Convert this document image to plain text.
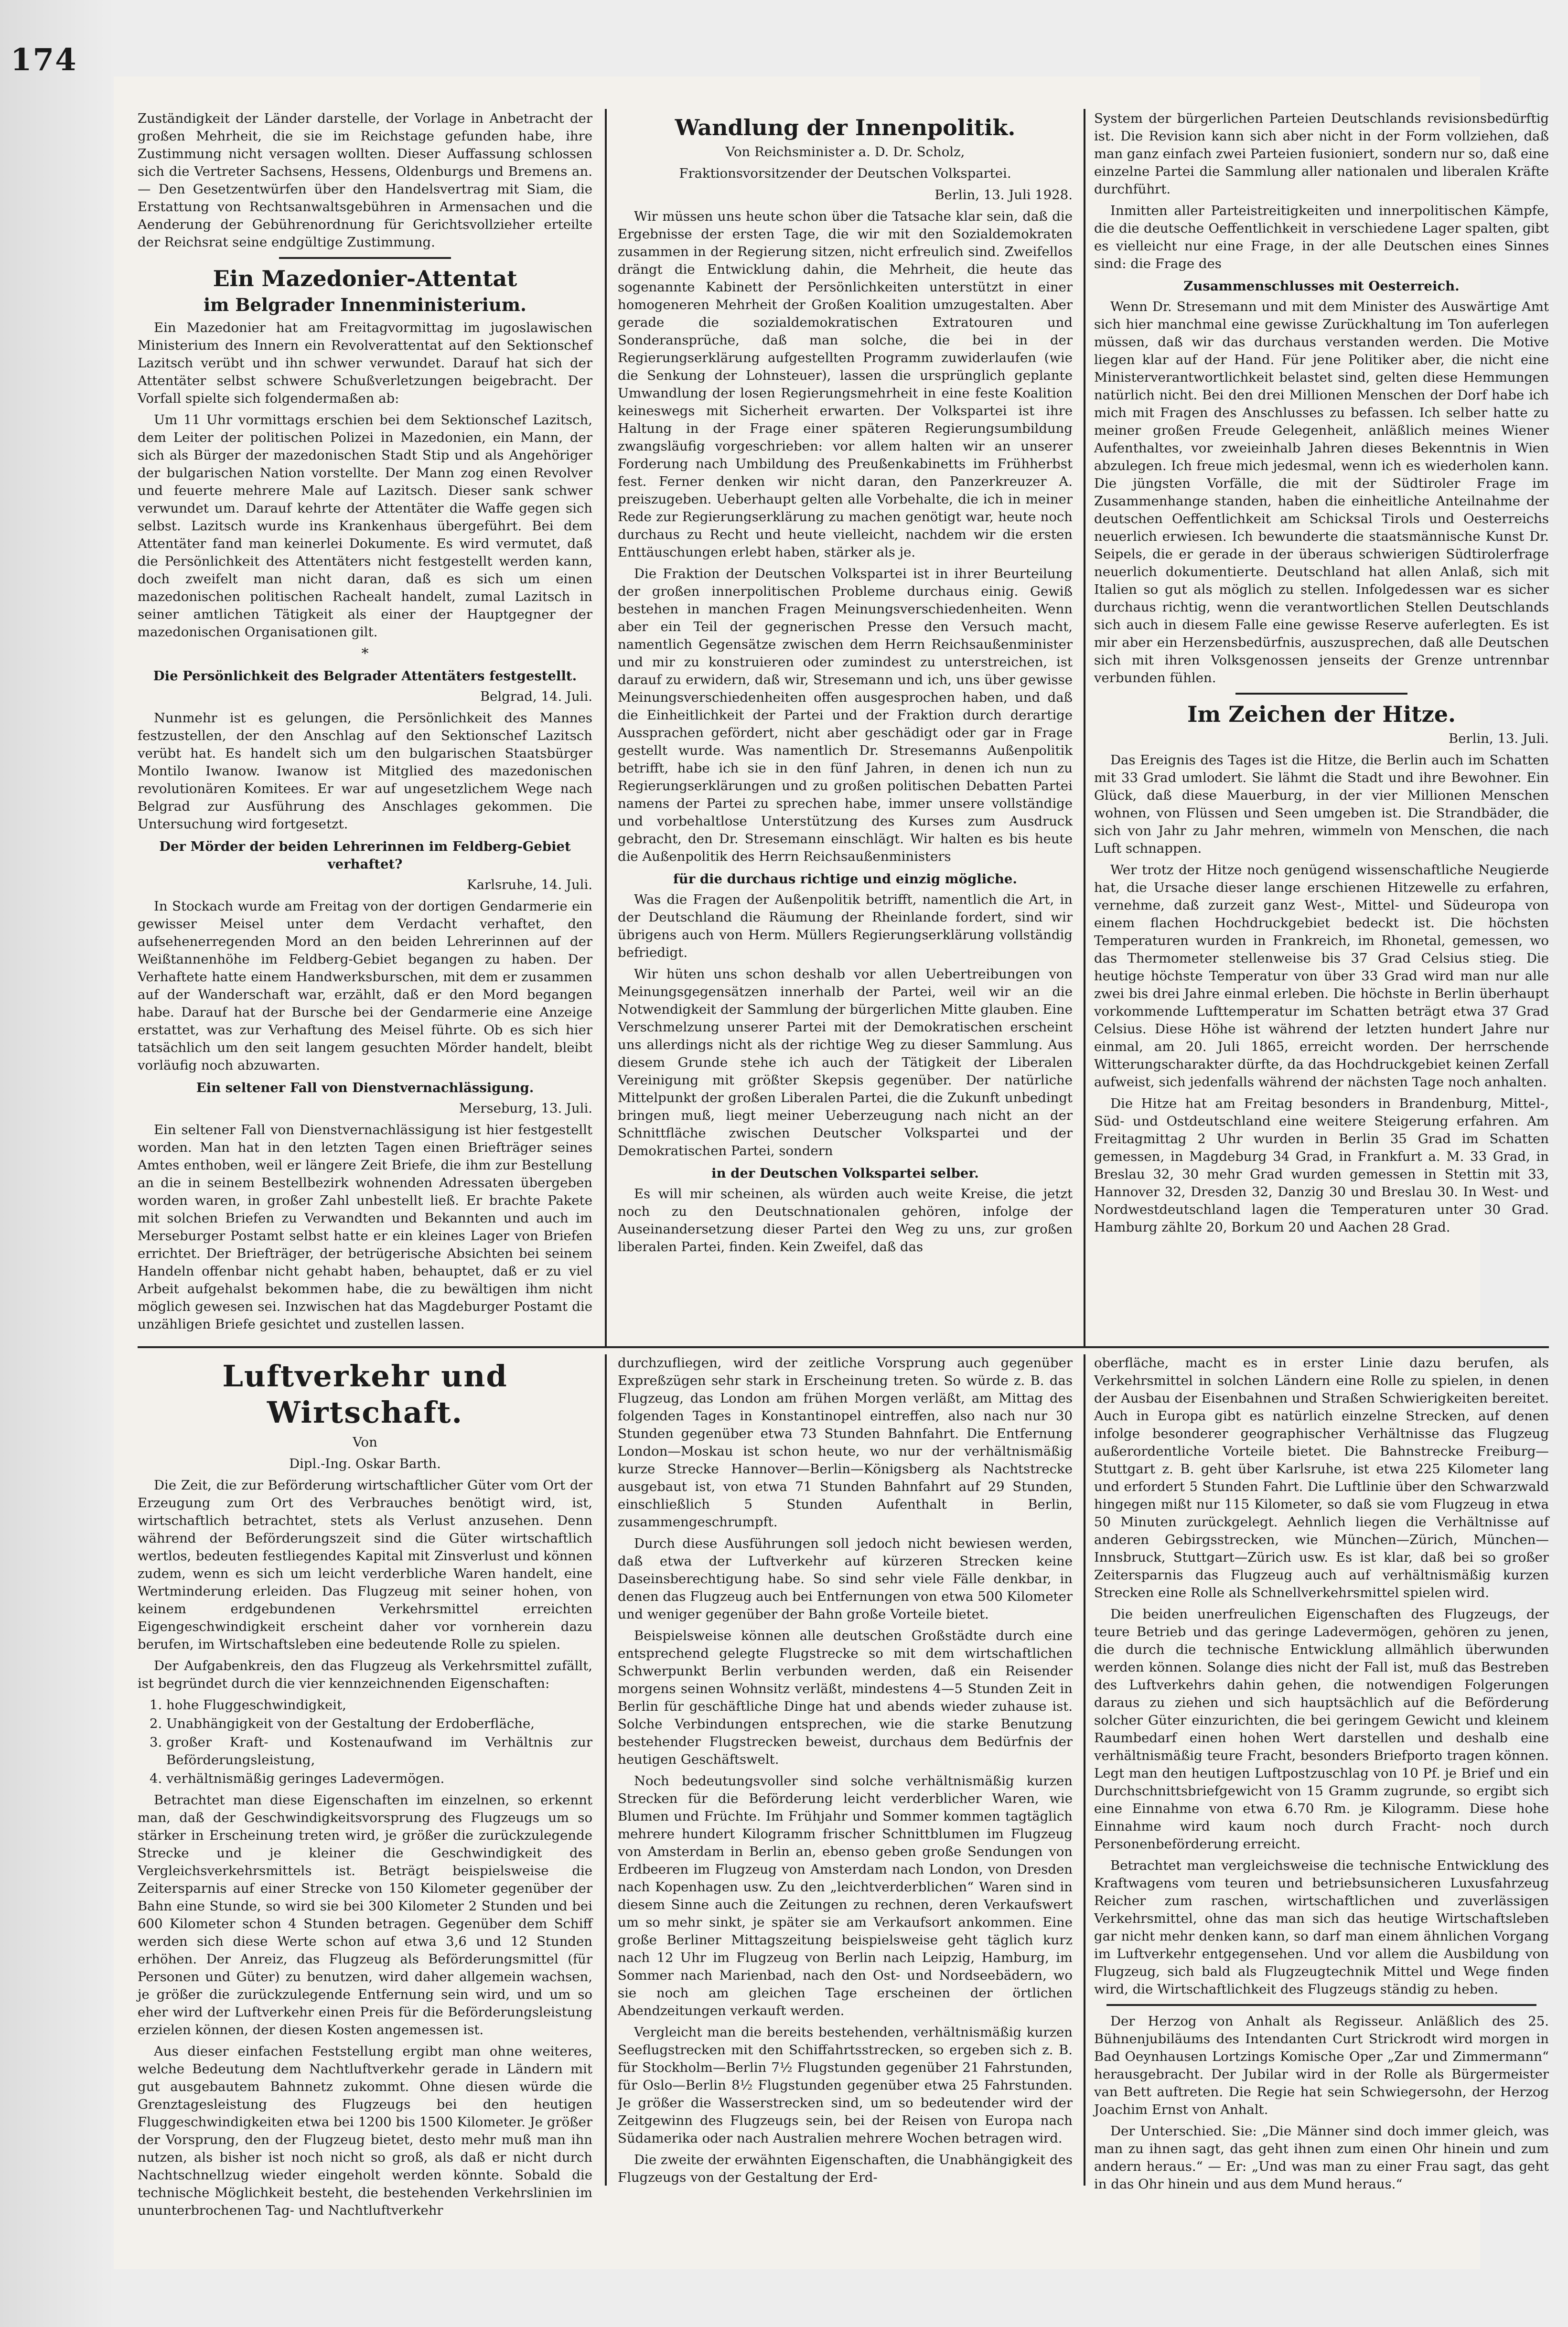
174

Zuständigkeit der Länder darstelle, der Vorlage in Anbetracht der großen Mehrheit, die sie im Reichstage gefunden habe, ihre Zustimmung nicht versagen wollten. Dieser Auffassung schlossen sich die Vertreter Sachsens, Hessens, Oldenburgs und Bremens an. — Den Gesetzentwürfen über den Handelsvertrag mit Siam, die Erstattung von Rechtsanwaltsgebühren in Armensachen und die Aenderung der Gebührenordnung für Gerichtsvollzieher erteilte der Reichsrat seine endgültige Zustimmung.

Ein Mazedonier-Attentat
im Belgrader Innenministerium.

Ein Mazedonier hat am Freitagvormittag im jugoslawischen Ministerium des Innern ein Revolverattentat auf den Sektionschef Lazitsch verübt und ihn schwer verwundet. Darauf hat sich der Attentäter selbst schwere Schußverletzungen beigebracht. Der Vorfall spielte sich folgendermaßen ab:

Um 11 Uhr vormittags erschien bei dem Sektionschef Lazitsch, dem Leiter der politischen Polizei in Mazedonien, ein Mann, der sich als Bürger der mazedonischen Stadt Stip und als Angehöriger der bulgarischen Nation vorstellte. Der Mann zog einen Revolver und feuerte mehrere Male auf Lazitsch. Dieser sank schwer verwundet um. Darauf kehrte der Attentäter die Waffe gegen sich selbst. Lazitsch wurde ins Krankenhaus übergeführt. Bei dem Attentäter fand man keinerlei Dokumente. Es wird vermutet, daß die Persönlichkeit des Attentäters nicht festgestellt werden kann, doch zweifelt man nicht daran, daß es sich um einen mazedonischen politischen Rachealt handelt, zumal Lazitsch in seiner amtlichen Tätigkeit als einer der Hauptgegner der mazedonischen Organisationen gilt.

*

Die Persönlichkeit des Belgrader Attentäters festgestellt.

Belgrad, 14. Juli.

Nunmehr ist es gelungen, die Persönlichkeit des Mannes festzustellen, der den Anschlag auf den Sektionschef Lazitsch verübt hat. Es handelt sich um den bulgarischen Staatsbürger Montilo Iwanow. Iwanow ist Mitglied des mazedonischen revolutionären Komitees. Er war auf ungesetzlichem Wege nach Belgrad zur Ausführung des Anschlages gekommen. Die Untersuchung wird fortgesetzt.

Der Mörder der beiden Lehrerinnen im Feldberg-Gebiet verhaftet?

Karlsruhe, 14. Juli.

In Stockach wurde am Freitag von der dortigen Gendarmerie ein gewisser Meisel unter dem Verdacht verhaftet, den aufsehenerregenden Mord an den beiden Lehrerinnen auf der Weißtannenhöhe im Feldberg-Gebiet begangen zu haben. Der Verhaftete hatte einem Handwerksburschen, mit dem er zusammen auf der Wanderschaft war, erzählt, daß er den Mord begangen habe. Darauf hat der Bursche bei der Gendarmerie eine Anzeige erstattet, was zur Verhaftung des Meisel führte. Ob es sich hier tatsächlich um den seit langem gesuchten Mörder handelt, bleibt vorläufig noch abzuwarten.

Ein seltener Fall von Dienstvernachlässigung.

Merseburg, 13. Juli.

Ein seltener Fall von Dienstvernachlässigung ist hier festgestellt worden. Man hat in den letzten Tagen einen Briefträger seines Amtes enthoben, weil er längere Zeit Briefe, die ihm zur Bestellung an die in seinem Bestellbezirk wohnenden Adressaten übergeben worden waren, in großer Zahl unbestellt ließ. Er brachte Pakete mit solchen Briefen zu Verwandten und Bekannten und auch im Merseburger Postamt selbst hatte er ein kleines Lager von Briefen errichtet. Der Briefträger, der betrügerische Absichten bei seinem Handeln offenbar nicht gehabt haben, behauptet, daß er zu viel Arbeit aufgehalst bekommen habe, die zu bewältigen ihm nicht möglich gewesen sei. Inzwischen hat das Magdeburger Postamt die unzähligen Briefe gesichtet und zustellen lassen.

Wandlung der Innenpolitik.

Von Reichsminister a. D. Dr. Scholz,

Fraktionsvorsitzender der Deutschen Volkspartei.

Berlin, 13. Juli 1928.

Wir müssen uns heute schon über die Tatsache klar sein, daß die Ergebnisse der ersten Tage, die wir mit den Sozialdemokraten zusammen in der Regierung sitzen, nicht erfreulich sind. Zweifellos drängt die Entwicklung dahin, die Mehrheit, die heute das sogenannte Kabinett der Persönlichkeiten unterstützt in einer homogeneren Mehrheit der Großen Koalition umzugestalten. Aber gerade die sozialdemokratischen Extratouren und Sonderansprüche, daß man solche, die bei in der Regierungserklärung aufgestellten Programm zuwiderlaufen (wie die Senkung der Lohnsteuer), lassen die ursprünglich geplante Umwandlung der losen Regierungsmehrheit in eine feste Koalition keineswegs mit Sicherheit erwarten. Der Volkspartei ist ihre Haltung in der Frage einer späteren Regierungsumbildung zwangsläufig vorgeschrieben: vor allem halten wir an unserer Forderung nach Umbildung des Preußenkabinetts im Frühherbst fest. Ferner denken wir nicht daran, den Panzerkreuzer A. preiszugeben. Ueberhaupt gelten alle Vorbehalte, die ich in meiner Rede zur Regierungserklärung zu machen genötigt war, heute noch durchaus zu Recht und heute vielleicht, nachdem wir die ersten Enttäuschungen erlebt haben, stärker als je.

Die Fraktion der Deutschen Volkspartei ist in ihrer Beurteilung der großen innerpolitischen Probleme durchaus einig. Gewiß bestehen in manchen Fragen Meinungsverschiedenheiten. Wenn aber ein Teil der gegnerischen Presse den Versuch macht, namentlich Gegensätze zwischen dem Herrn Reichsaußenminister und mir zu konstruieren oder zumindest zu unterstreichen, ist darauf zu erwidern, daß wir, Stresemann und ich, uns über gewisse Meinungsverschiedenheiten offen ausgesprochen haben, und daß die Einheitlichkeit der Partei und der Fraktion durch derartige Aussprachen gefördert, nicht aber geschädigt oder gar in Frage gestellt wurde. Was namentlich Dr. Stresemanns Außenpolitik betrifft, habe ich sie in den fünf Jahren, in denen ich nun zu Regierungserklärungen und zu großen politischen Debatten Partei namens der Partei zu sprechen habe, immer unsere vollständige und vorbehaltlose Unterstützung des Kurses zum Ausdruck gebracht, den Dr. Stresemann einschlägt. Wir halten es bis heute die Außenpolitik des Herrn Reichsaußenministers

für die durchaus richtige und einzig mögliche.

Was die Fragen der Außenpolitik betrifft, namentlich die Art, in der Deutschland die Räumung der Rheinlande fordert, sind wir übrigens auch von Herm. Müllers Regierungserklärung vollständig befriedigt.

Wir hüten uns schon deshalb vor allen Uebertreibungen von Meinungsgegensätzen innerhalb der Partei, weil wir an die Notwendigkeit der Sammlung der bürgerlichen Mitte glauben. Eine Verschmelzung unserer Partei mit der Demokratischen erscheint uns allerdings nicht als der richtige Weg zu dieser Sammlung. Aus diesem Grunde stehe ich auch der Tätigkeit der Liberalen Vereinigung mit größter Skepsis gegenüber. Der natürliche Mittelpunkt der großen Liberalen Partei, die die Zukunft unbedingt bringen muß, liegt meiner Ueberzeugung nach nicht an der Schnittfläche zwischen Deutscher Volkspartei und der Demokratischen Partei, sondern

in der Deutschen Volkspartei selber.

Es will mir scheinen, als würden auch weite Kreise, die jetzt noch zu den Deutschnationalen gehören, infolge der Auseinandersetzung dieser Partei den Weg zu uns, zur großen liberalen Partei, finden. Kein Zweifel, daß das

System der bürgerlichen Parteien Deutschlands revisionsbedürftig ist. Die Revision kann sich aber nicht in der Form vollziehen, daß man ganz einfach zwei Parteien fusioniert, sondern nur so, daß eine einzelne Partei die Sammlung aller nationalen und liberalen Kräfte durchführt.

Inmitten aller Parteistreitigkeiten und innerpolitischen Kämpfe, die die deutsche Oeffentlichkeit in verschiedene Lager spalten, gibt es vielleicht nur eine Frage, in der alle Deutschen eines Sinnes sind: die Frage des

Zusammenschlusses mit Oesterreich.

Wenn Dr. Stresemann und mit dem Minister des Auswärtige Amt sich hier manchmal eine gewisse Zurückhaltung im Ton auferlegen müssen, daß wir das durchaus verstanden werden. Die Motive liegen klar auf der Hand. Für jene Politiker aber, die nicht eine Ministerverantwortlichkeit belastet sind, gelten diese Hemmungen natürlich nicht. Bei den drei Millionen Menschen der Dorf habe ich mich mit Fragen des Anschlusses zu befassen. Ich selber hatte zu meiner großen Freude Gelegenheit, anläßlich meines Wiener Aufenthaltes, vor zweieinhalb Jahren dieses Bekenntnis in Wien abzulegen. Ich freue mich jedesmal, wenn ich es wiederholen kann. Die jüngsten Vorfälle, die mit der Südtiroler Frage im Zusammenhange standen, haben die einheitliche Anteilnahme der deutschen Oeffentlichkeit am Schicksal Tirols und Oesterreichs neuerlich erwiesen. Ich bewunderte die staatsmännische Kunst Dr. Seipels, die er gerade in der überaus schwierigen Südtirolerfrage neuerlich dokumentierte. Deutschland hat allen Anlaß, sich mit Italien so gut als möglich zu stellen. Infolgedessen war es sicher durchaus richtig, wenn die verantwortlichen Stellen Deutschlands sich auch in diesem Falle eine gewisse Reserve auferlegten. Es ist mir aber ein Herzensbedürfnis, auszusprechen, daß alle Deutschen sich mit ihren Volksgenossen jenseits der Grenze untrennbar verbunden fühlen.

Im Zeichen der Hitze.

Berlin, 13. Juli.

Das Ereignis des Tages ist die Hitze, die Berlin auch im Schatten mit 33 Grad umlodert. Sie lähmt die Stadt und ihre Bewohner. Ein Glück, daß diese Mauerburg, in der vier Millionen Menschen wohnen, von Flüssen und Seen umgeben ist. Die Strandbäder, die sich von Jahr zu Jahr mehren, wimmeln von Menschen, die nach Luft schnappen.

Wer trotz der Hitze noch genügend wissenschaftliche Neugierde hat, die Ursache dieser lange erschienen Hitzewelle zu erfahren, vernehme, daß zurzeit ganz West-, Mittel- und Südeuropa von einem flachen Hochdruckgebiet bedeckt ist. Die höchsten Temperaturen wurden in Frankreich, im Rhonetal, gemessen, wo das Thermometer stellenweise bis 37 Grad Celsius stieg. Die heutige höchste Temperatur von über 33 Grad wird man nur alle zwei bis drei Jahre einmal erleben. Die höchste in Berlin überhaupt vorkommende Lufttemperatur im Schatten beträgt etwa 37 Grad Celsius. Diese Höhe ist während der letzten hundert Jahre nur einmal, am 20. Juli 1865, erreicht worden. Der herrschende Witterungscharakter dürfte, da das Hochdruckgebiet keinen Zerfall aufweist, sich jedenfalls während der nächsten Tage noch anhalten.

Die Hitze hat am Freitag besonders in Brandenburg, Mittel-, Süd- und Ostdeutschland eine weitere Steigerung erfahren. Am Freitagmittag 2 Uhr wurden in Berlin 35 Grad im Schatten gemessen, in Magdeburg 34 Grad, in Frankfurt a. M. 33 Grad, in Breslau 32, 30 mehr Grad wurden gemessen in Stettin mit 33, Hannover 32, Dresden 32, Danzig 30 und Breslau 30. In West- und Nordwestdeutschland lagen die Temperaturen unter 30 Grad. Hamburg zählte 20, Borkum 20 und Aachen 28 Grad.

Luftverkehr und Wirtschaft.

Von

Dipl.-Ing. Oskar Barth.

Die Zeit, die zur Beförderung wirtschaftlicher Güter vom Ort der Erzeugung zum Ort des Verbrauches benötigt wird, ist, wirtschaftlich betrachtet, stets als Verlust anzusehen. Denn während der Beförderungszeit sind die Güter wirtschaftlich wertlos, bedeuten festliegendes Kapital mit Zinsverlust und können zudem, wenn es sich um leicht verderbliche Waren handelt, eine Wertminderung erleiden. Das Flugzeug mit seiner hohen, von keinem erdgebundenen Verkehrsmittel erreichten Eigengeschwindigkeit erscheint daher vor vornherein dazu berufen, im Wirtschaftsleben eine bedeutende Rolle zu spielen.

Der Aufgabenkreis, den das Flugzeug als Verkehrsmittel zufällt, ist begründet durch die vier kennzeichnenden Eigenschaften:

1. hohe Fluggeschwindigkeit,
2. Unabhängigkeit von der Gestaltung der Erdoberfläche,
3. großer Kraft- und Kostenaufwand im Verhältnis zur Beförderungsleistung,
4. verhältnismäßig geringes Ladevermögen.

Betrachtet man diese Eigenschaften im einzelnen, so erkennt man, daß der Geschwindigkeitsvorsprung des Flugzeugs um so stärker in Erscheinung treten wird, je größer die zurückzulegende Strecke und je kleiner die Geschwindigkeit des Vergleichsverkehrsmittels ist. Beträgt beispielsweise die Zeitersparnis auf einer Strecke von 150 Kilometer gegenüber der Bahn eine Stunde, so wird sie bei 300 Kilometer 2 Stunden und bei 600 Kilometer schon 4 Stunden betragen. Gegenüber dem Schiff werden sich diese Werte schon auf etwa 3,6 und 12 Stunden erhöhen. Der Anreiz, das Flugzeug als Beförderungsmittel (für Personen und Güter) zu benutzen, wird daher allgemein wachsen, je größer die zurückzulegende Entfernung sein wird, und um so eher wird der Luftverkehr einen Preis für die Beförderungsleistung erzielen können, der diesen Kosten angemessen ist.

Aus dieser einfachen Feststellung ergibt man ohne weiteres, welche Bedeutung dem Nachtluftverkehr gerade in Ländern mit gut ausgebautem Bahnnetz zukommt. Ohne diesen würde die Grenztagesleistung des Flugzeugs bei den heutigen Fluggeschwindigkeiten etwa bei 1200 bis 1500 Kilometer. Je größer der Vorsprung, den der Flugzeug bietet, desto mehr muß man ihn nutzen, als bisher ist noch nicht so groß, als daß er nicht durch Nachtschnellzug wieder eingeholt werden könnte. Sobald die technische Möglichkeit besteht, die bestehenden Verkehrslinien im ununterbrochenen Tag- und Nachtluftverkehr

durchzufliegen, wird der zeitliche Vorsprung auch gegenüber Expreßzügen sehr stark in Erscheinung treten. So würde z. B. das Flugzeug, das London am frühen Morgen verläßt, am Mittag des folgenden Tages in Konstantinopel eintreffen, also nach nur 30 Stunden gegenüber etwa 73 Stunden Bahnfahrt. Die Entfernung London—Moskau ist schon heute, wo nur der verhältnismäßig kurze Strecke Hannover—Berlin—Königsberg als Nachtstrecke ausgebaut ist, von etwa 71 Stunden Bahnfahrt auf 29 Stunden, einschließlich 5 Stunden Aufenthalt in Berlin, zusammengeschrumpft.

Durch diese Ausführungen soll jedoch nicht bewiesen werden, daß etwa der Luftverkehr auf kürzeren Strecken keine Daseinsberechtigung habe. So sind sehr viele Fälle denkbar, in denen das Flugzeug auch bei Entfernungen von etwa 500 Kilometer und weniger gegenüber der Bahn große Vorteile bietet.

Beispielsweise können alle deutschen Großstädte durch eine entsprechend gelegte Flugstrecke so mit dem wirtschaftlichen Schwerpunkt Berlin verbunden werden, daß ein Reisender morgens seinen Wohnsitz verläßt, mindestens 4—5 Stunden Zeit in Berlin für geschäftliche Dinge hat und abends wieder zuhause ist. Solche Verbindungen entsprechen, wie die starke Benutzung bestehender Flugstrecken beweist, durchaus dem Bedürfnis der heutigen Geschäftswelt.

Noch bedeutungsvoller sind solche verhältnismäßig kurzen Strecken für die Beförderung leicht verderblicher Waren, wie Blumen und Früchte. Im Frühjahr und Sommer kommen tagtäglich mehrere hundert Kilogramm frischer Schnittblumen im Flugzeug von Amsterdam in Berlin an, ebenso geben große Sendungen von Erdbeeren im Flugzeug von Amsterdam nach London, von Dresden nach Kopenhagen usw. Zu den „leichtverderblichen“ Waren sind in diesem Sinne auch die Zeitungen zu rechnen, deren Verkaufswert um so mehr sinkt, je später sie am Verkaufsort ankommen. Eine große Berliner Mittagszeitung beispielsweise geht täglich kurz nach 12 Uhr im Flugzeug von Berlin nach Leipzig, Hamburg, im Sommer nach Marienbad, nach den Ost- und Nordseebädern, wo sie noch am gleichen Tage erscheinen der örtlichen Abendzeitungen verkauft werden.

Vergleicht man die bereits bestehenden, verhältnismäßig kurzen Seeflugstrecken mit den Schiffahrtsstrecken, so ergeben sich z. B. für Stockholm—Berlin 7½ Flugstunden gegenüber 21 Fahrstunden, für Oslo—Berlin 8½ Flugstunden gegenüber etwa 25 Fahrstunden. Je größer die Wasserstrecken sind, um so bedeutender wird der Zeitgewinn des Flugzeugs sein, bei der Reisen von Europa nach Südamerika oder nach Australien mehrere Wochen betragen wird.

Die zweite der erwähnten Eigenschaften, die Unabhängigkeit des Flugzeugs von der Gestaltung der Erd-

oberfläche, macht es in erster Linie dazu berufen, als Verkehrsmittel in solchen Ländern eine Rolle zu spielen, in denen der Ausbau der Eisenbahnen und Straßen Schwierigkeiten bereitet. Auch in Europa gibt es natürlich einzelne Strecken, auf denen infolge besonderer geographischer Verhältnisse das Flugzeug außerordentliche Vorteile bietet. Die Bahnstrecke Freiburg—Stuttgart z. B. geht über Karlsruhe, ist etwa 225 Kilometer lang und erfordert 5 Stunden Fahrt. Die Luftlinie über den Schwarzwald hingegen mißt nur 115 Kilometer, so daß sie vom Flugzeug in etwa 50 Minuten zurückgelegt. Aehnlich liegen die Verhältnisse auf anderen Gebirgsstrecken, wie München—Zürich, München—Innsbruck, Stuttgart—Zürich usw. Es ist klar, daß bei so großer Zeitersparnis das Flugzeug auch auf verhältnismäßig kurzen Strecken eine Rolle als Schnellverkehrsmittel spielen wird.

Die beiden unerfreulichen Eigenschaften des Flugzeugs, der teure Betrieb und das geringe Ladevermögen, gehören zu jenen, die durch die technische Entwicklung allmählich überwunden werden können. Solange dies nicht der Fall ist, muß das Bestreben des Luftverkehrs dahin gehen, die notwendigen Folgerungen daraus zu ziehen und sich hauptsächlich auf die Beförderung solcher Güter einzurichten, die bei geringem Gewicht und kleinem Raumbedarf einen hohen Wert darstellen und deshalb eine verhältnismäßig teure Fracht, besonders Briefporto tragen können. Legt man den heutigen Luftpostzuschlag von 10 Pf. je Brief und ein Durchschnittsbriefgewicht von 15 Gramm zugrunde, so ergibt sich eine Einnahme von etwa 6.70 Rm. je Kilogramm. Diese hohe Einnahme wird kaum noch durch Fracht- noch durch Personenbeförderung erreicht.

Betrachtet man vergleichsweise die technische Entwicklung des Kraftwagens vom teuren und betriebsunsicheren Luxusfahrzeug Reicher zum raschen, wirtschaftlichen und zuverlässigen Verkehrsmittel, ohne das man sich das heutige Wirtschaftsleben gar nicht mehr denken kann, so darf man einem ähnlichen Vorgang im Luftverkehr entgegensehen. Und vor allem die Ausbildung von Flugzeug, sich bald als Flugzeugtechnik Mittel und Wege finden wird, die Wirtschaftlichkeit des Flugzeugs ständig zu heben.

Der Herzog von Anhalt als Regisseur. Anläßlich des 25. Bühnenjubiläums des Intendanten Curt Strickrodt wird morgen in Bad Oeynhausen Lortzings Komische Oper „Zar und Zimmermann“ herausgebracht. Der Jubilar wird in der Rolle als Bürgermeister van Bett auftreten. Die Regie hat sein Schwiegersohn, der Herzog Joachim Ernst von Anhalt.

Der Unterschied. Sie: „Die Männer sind doch immer gleich, was man zu ihnen sagt, das geht ihnen zum einen Ohr hinein und zum andern heraus.“ — Er: „Und was man zu einer Frau sagt, das geht in das Ohr hinein und aus dem Mund heraus.“
